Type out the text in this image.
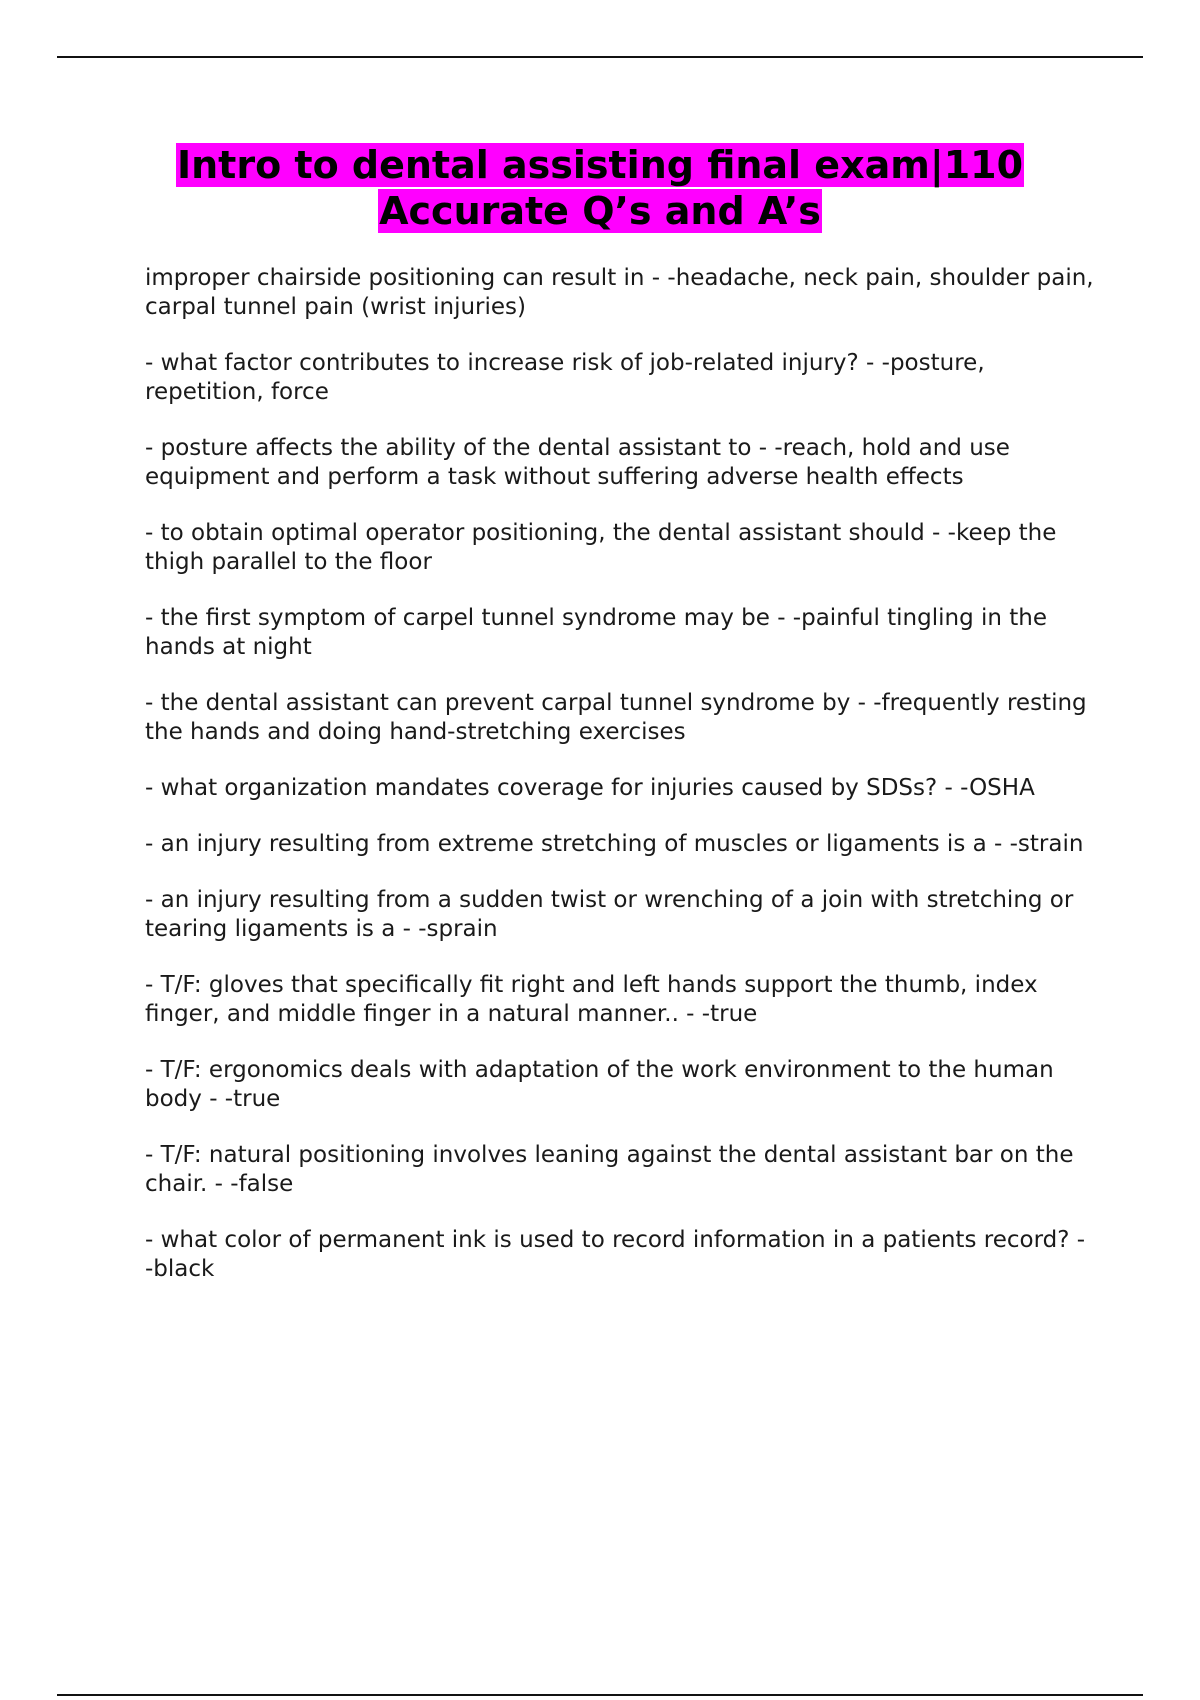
Intro to dental assisting final exam|110
Accurate Q’s and A’s
improper chairside positioning can result in - -headache, neck pain, shoulder pain, carpal tunnel pain (wrist injuries)
- what factor contributes to increase risk of job-related injury? - -posture, repetition, force
- posture affects the ability of the dental assistant to - -reach, hold and use equipment and perform a task without suffering adverse health effects
- to obtain optimal operator positioning, the dental assistant should - -keep the thigh parallel to the floor
- the first symptom of carpel tunnel syndrome may be - -painful tingling in the hands at night
- the dental assistant can prevent carpal tunnel syndrome by - -frequently resting the hands and doing hand-stretching exercises
- what organization mandates coverage for injuries caused by SDSs? - -OSHA
- an injury resulting from extreme stretching of muscles or ligaments is a - -strain
- an injury resulting from a sudden twist or wrenching of a join with stretching or tearing ligaments is a - -sprain
- T/F: gloves that specifically fit right and left hands support the thumb, index finger, and middle finger in a natural manner.. - -true
- T/F: ergonomics deals with adaptation of the work environment to the human body - -true
- T/F: natural positioning involves leaning against the dental assistant bar on the chair. - -false
- what color of permanent ink is used to record information in a patients record? - -black
